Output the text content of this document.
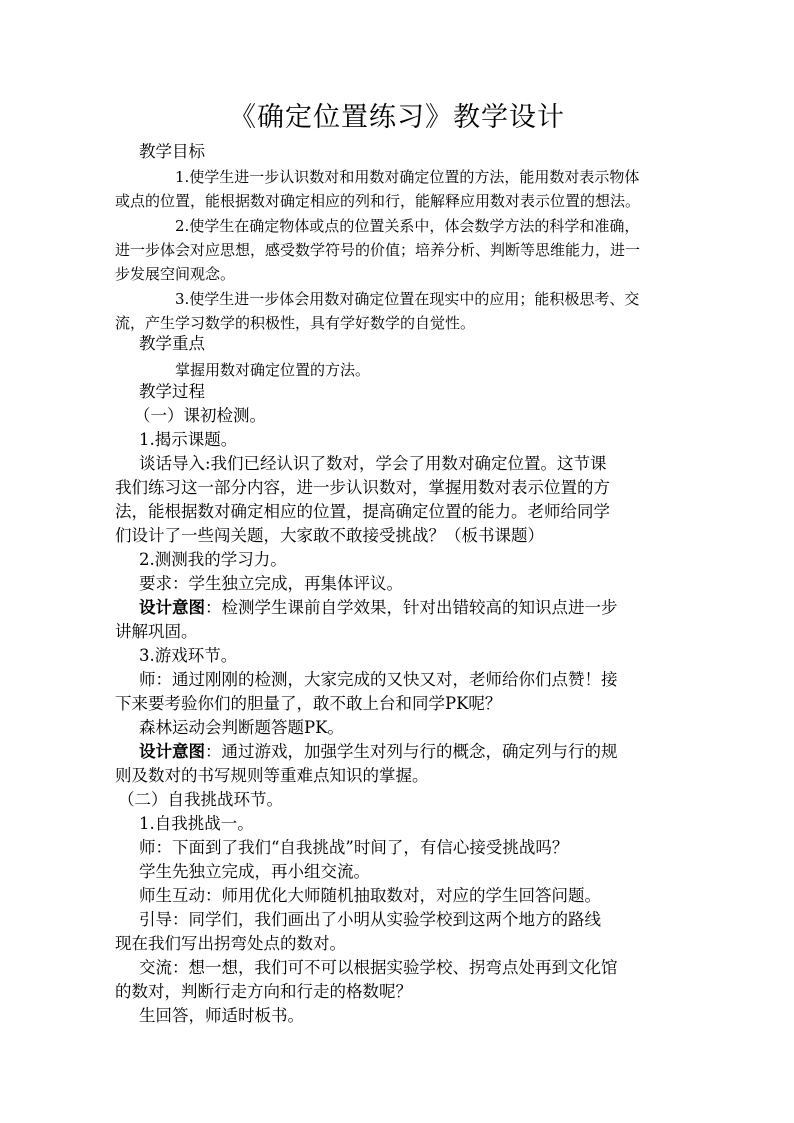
《确定位置练习》教学设计
教学目标
1.使学生进一步认识数对和用数对确定位置的方法，能用数对表示物体
或点的位置，能根据数对确定相应的列和行，能解释应用数对表示位置的想法。
2.使学生在确定物体或点的位置关系中，体会数学方法的科学和准确，
进一步体会对应思想，感受数学符号的价值；培养分析、判断等思维能力，进一
步发展空间观念。
3.使学生进一步体会用数对确定位置在现实中的应用；能积极思考、交
流，产生学习数学的积极性，具有学好数学的自觉性。
教学重点
掌握用数对确定位置的方法。
教学过程
（一）课初检测。
1.揭示课题。
谈话导入:我们已经认识了数对，学会了用数对确定位置。这节课
我们练习这一部分内容，进一步认识数对，掌握用数对表示位置的方
法，能根据数对确定相应的位置，提高确定位置的能力。老师给同学
们设计了一些闯关题，大家敢不敢接受挑战？（板书课题）
2.测测我的学习力。
要求：学生独立完成，再集体评议。
设计意图：检测学生课前自学效果，针对出错较高的知识点进一步
讲解巩固。
3.游戏环节。
师：通过刚刚的检测，大家完成的又快又对，老师给你们点赞！接
下来要考验你们的胆量了，敢不敢上台和同学PK呢？
森林运动会判断题答题PK。
设计意图：通过游戏，加强学生对列与行的概念，确定列与行的规
则及数对的书写规则等重难点知识的掌握。
（二）自我挑战环节。
1.自我挑战一。
师：下面到了我们“自我挑战”时间了，有信心接受挑战吗？
学生先独立完成，再小组交流。
师生互动：师用优化大师随机抽取数对，对应的学生回答问题。
引导：同学们，我们画出了小明从实验学校到这两个地方的路线
现在我们写出拐弯处点的数对。
交流：想一想，我们可不可以根据实验学校、拐弯点处再到文化馆
的数对，判断行走方向和行走的格数呢？
生回答，师适时板书。
